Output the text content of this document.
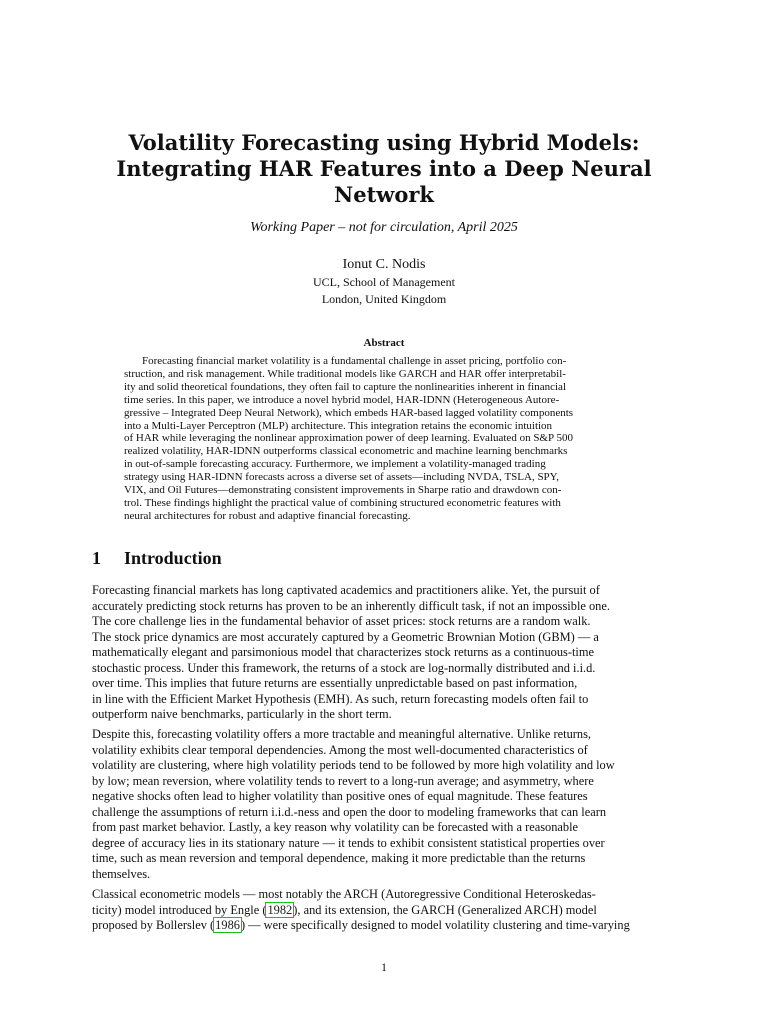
Volatility Forecasting using Hybrid Models:
Integrating HAR Features into a Deep Neural
Network
Working Paper – not for circulation, April 2025
Ionut C. Nodis
UCL, School of Management
London, United Kingdom
Abstract
Forecasting financial market volatility is a fundamental challenge in asset pricing, portfolio con-
struction, and risk management. While traditional models like GARCH and HAR offer interpretabil-
ity and solid theoretical foundations, they often fail to capture the nonlinearities inherent in financial
time series. In this paper, we introduce a novel hybrid model, HAR-IDNN (Heterogeneous Autore-
gressive – Integrated Deep Neural Network), which embeds HAR-based lagged volatility components
into a Multi-Layer Perceptron (MLP) architecture. This integration retains the economic intuition
of HAR while leveraging the nonlinear approximation power of deep learning. Evaluated on S&P 500
realized volatility, HAR-IDNN outperforms classical econometric and machine learning benchmarks
in out-of-sample forecasting accuracy. Furthermore, we implement a volatility-managed trading
strategy using HAR-IDNN forecasts across a diverse set of assets—including NVDA, TSLA, SPY,
VIX, and Oil Futures—demonstrating consistent improvements in Sharpe ratio and drawdown con-
trol. These findings highlight the practical value of combining structured econometric features with
neural architectures for robust and adaptive financial forecasting.
1 Introduction
Forecasting financial markets has long captivated academics and practitioners alike. Yet, the pursuit of
accurately predicting stock returns has proven to be an inherently difficult task, if not an impossible one.
The core challenge lies in the fundamental behavior of asset prices: stock returns are a random walk.
The stock price dynamics are most accurately captured by a Geometric Brownian Motion (GBM) — a
mathematically elegant and parsimonious model that characterizes stock returns as a continuous-time
stochastic process. Under this framework, the returns of a stock are log-normally distributed and i.i.d.
over time. This implies that future returns are essentially unpredictable based on past information,
in line with the Efficient Market Hypothesis (EMH). As such, return forecasting models often fail to
outperform naive benchmarks, particularly in the short term.
Despite this, forecasting volatility offers a more tractable and meaningful alternative. Unlike returns,
volatility exhibits clear temporal dependencies. Among the most well-documented characteristics of
volatility are clustering, where high volatility periods tend to be followed by more high volatility and low
by low; mean reversion, where volatility tends to revert to a long-run average; and asymmetry, where
negative shocks often lead to higher volatility than positive ones of equal magnitude. These features
challenge the assumptions of return i.i.d.-ness and open the door to modeling frameworks that can learn
from past market behavior. Lastly, a key reason why volatility can be forecasted with a reasonable
degree of accuracy lies in its stationary nature — it tends to exhibit consistent statistical properties over
time, such as mean reversion and temporal dependence, making it more predictable than the returns
themselves.
Classical econometric models — most notably the ARCH (Autoregressive Conditional Heteroskedas-
ticity) model introduced by Engle (1982), and its extension, the GARCH (Generalized ARCH) model
proposed by Bollerslev (1986) — were specifically designed to model volatility clustering and time-varying
1
